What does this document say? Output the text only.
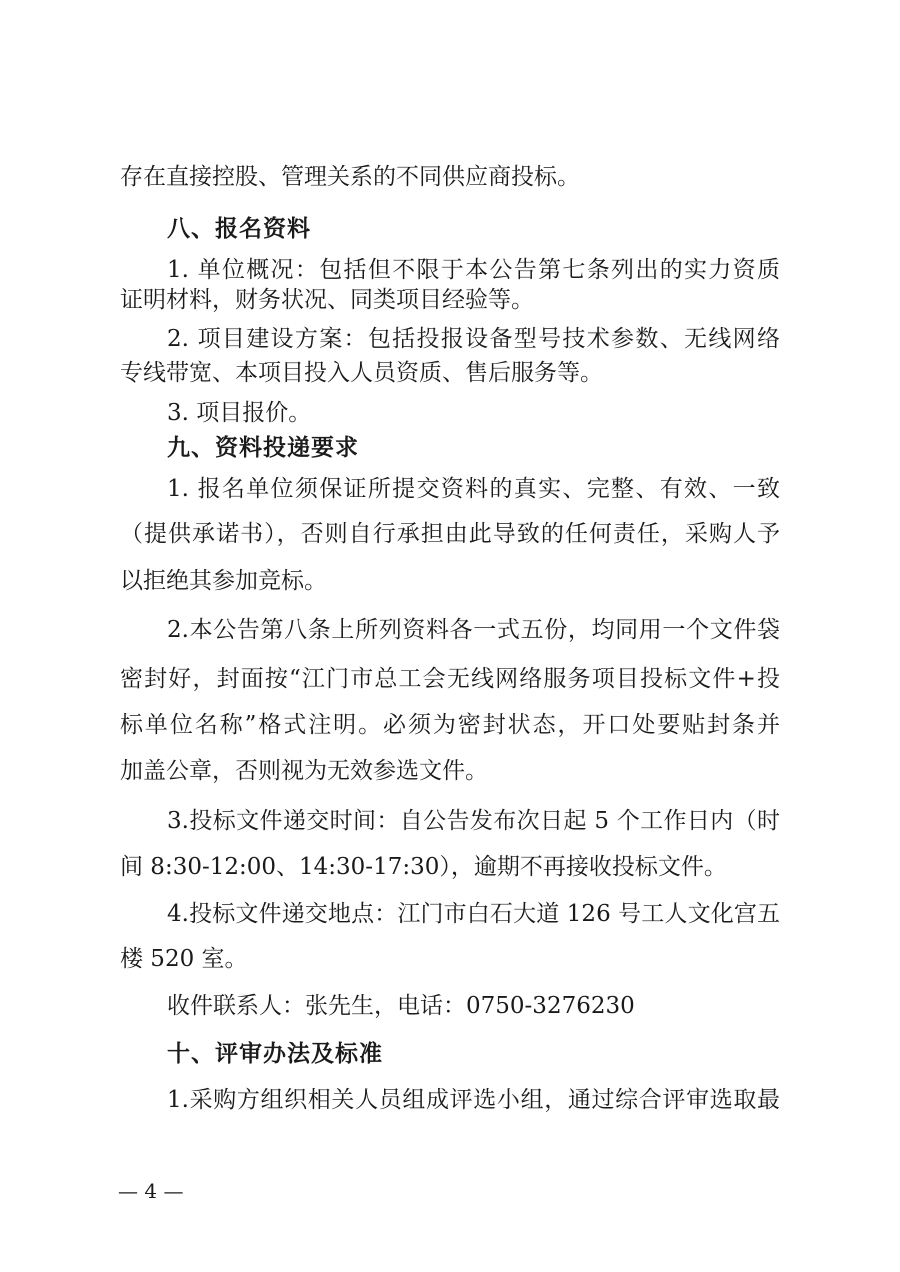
存在直接控股、管理关系的不同供应商投标。
八、报名资料
1. 单位概况：包括但不限于本公告第七条列出的实力资质
证明材料，财务状况、同类项目经验等。
2. 项目建设方案：包括投报设备型号技术参数、无线网络
专线带宽、本项目投入人员资质、售后服务等。
3. 项目报价。
九、资料投递要求
1. 报名单位须保证所提交资料的真实、完整、有效、一致
（提供承诺书），否则自行承担由此导致的任何责任，采购人予
以拒绝其参加竞标。
2.本公告第八条上所列资料各一式五份，均同用一个文件袋
密封好，封面按“江门市总工会无线网络服务项目投标文件+投
标单位名称”格式注明。必须为密封状态，开口处要贴封条并
加盖公章，否则视为无效参选文件。
3.投标文件递交时间：自公告发布次日起 5 个工作日内（时
间 8:30-12:00、14:30-17:30），逾期不再接收投标文件。
4.投标文件递交地点：江门市白石大道 126 号工人文化宫五
楼 520 室。
收件联系人：张先生，电话：0750-3276230
十、评审办法及标准
1.采购方组织相关人员组成评选小组，通过综合评审选取最
— 4 —
